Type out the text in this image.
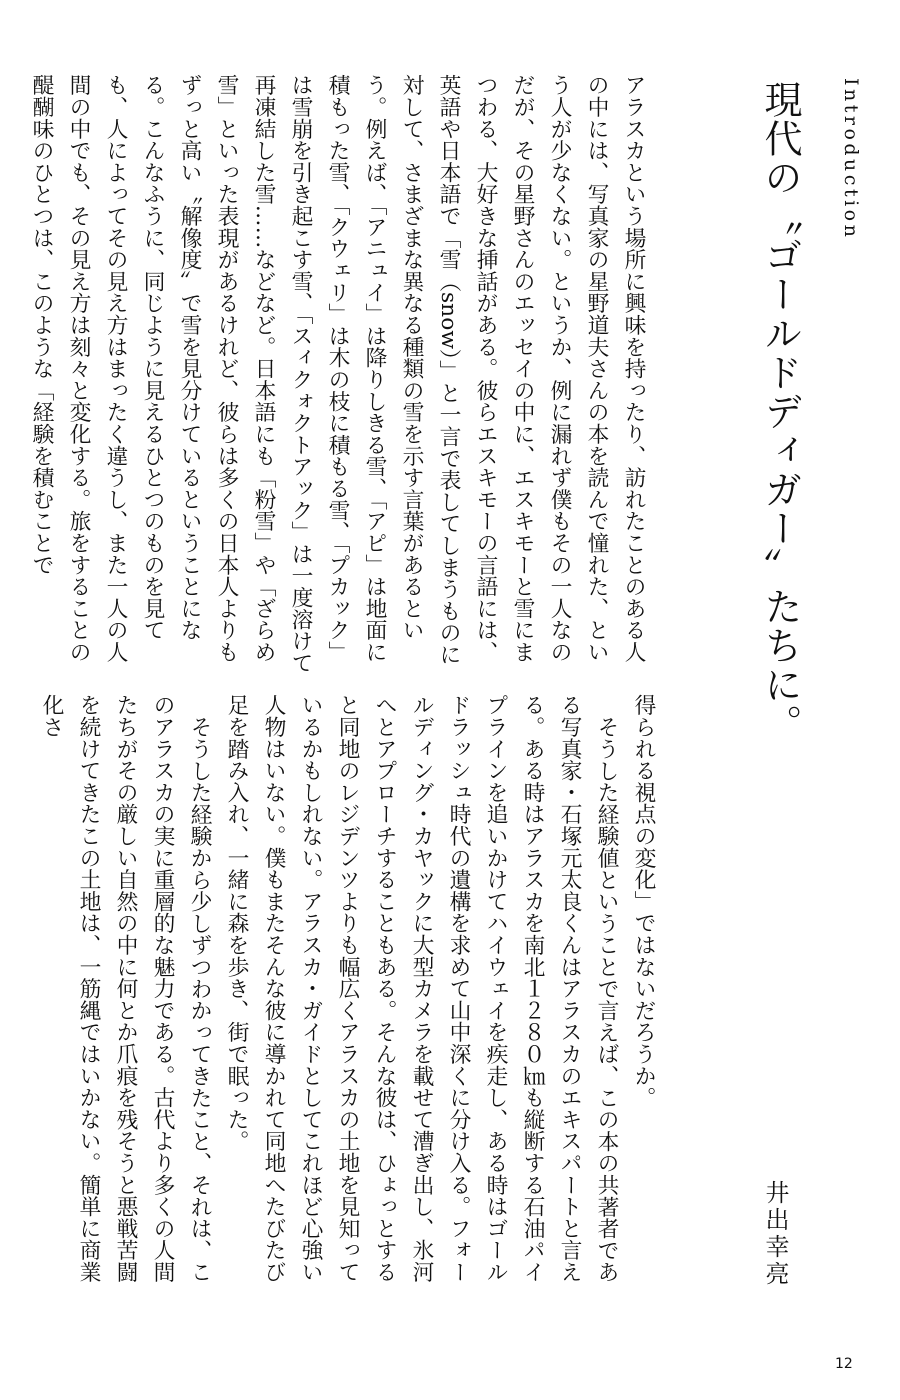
Introduction
現代の〝ゴールドディガー〟たちに。

アラスカという場所に興味を持ったり、訪れたことのある人の中には、写真家の星野道夫さんの本を読んで憧れた、という人が少なくない。というか、例に漏れず僕もその一人なのだが、その星野さんのエッセイの中に、エスキモーと雪にまつわる、大好きな挿話がある。彼らエスキモーの言語には、英語や日本語で「雪（snow）」と一言で表してしまうものに対して、さまざまな異なる種類の雪を示す言葉があるという。例えば、「アニュイ」は降りしきる雪、「アピ」は地面に積もった雪、「クウェリ」は木の枝に積もる雪、「プカック」は雪崩を引き起こす雪、「スィクォクトアック」は一度溶けて再凍結した雪……などなど。日本語にも「粉雪」や「ざらめ雪」といった表現があるけれど、彼らは多くの日本人よりもずっと高い〝解像度〟で雪を見分けているということになる。こんなふうに、同じように見えるひとつのものを見ても、人によってその見え方はまったく違うし、また一人の人間の中でも、その見え方は刻々と変化する。旅をすることの醍醐味のひとつは、このような「経験を積むことで

得られる視点の変化」ではないだろうか。

そうした経験値ということで言えば、この本の共著者である写真家・石塚元太良くんはアラスカのエキスパートと言える。ある時はアラスカを南北１２８０㎞も縦断する石油パイプラインを追いかけてハイウェイを疾走し、ある時はゴールドラッシュ時代の遺構を求めて山中深くに分け入る。フォールディング・カヤックに大型カメラを載せて漕ぎ出し、氷河へとアプローチすることもある。そんな彼は、ひょっとすると同地のレジデンツよりも幅広くアラスカの土地を見知っているかもしれない。アラスカ・ガイドとしてこれほど心強い人物はいない。僕もまたそんな彼に導かれて同地へたびたび足を踏み入れ、一緒に森を歩き、街で眠った。

そうした経験から少しずつわかってきたこと、それは、このアラスカの実に重層的な魅力である。古代より多くの人間たちがその厳しい自然の中に何とか爪痕を残そうと悪戦苦闘を続けてきたこの土地は、一筋縄ではいかない。簡単に商業化さ

井出幸亮
12
